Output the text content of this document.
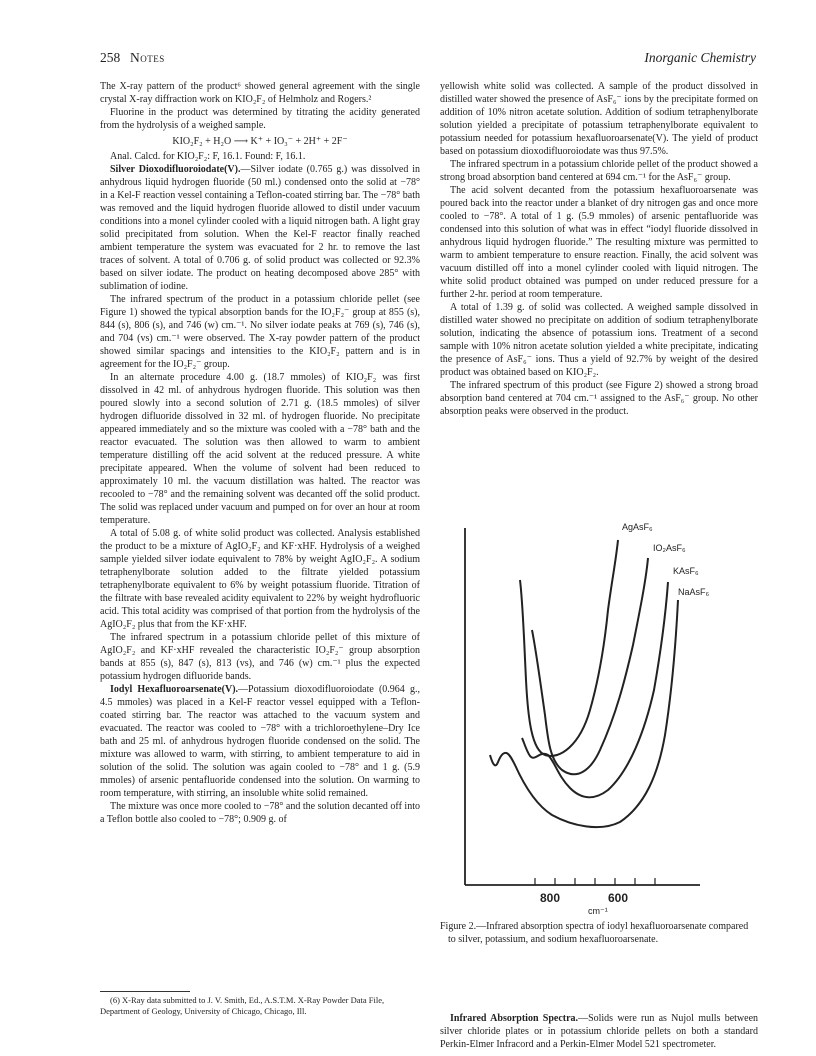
258 Notes	Inorganic Chemistry

The X-ray pattern of the product⁶ showed general agreement with the single crystal X-ray diffraction work on KIO₂F₂ of Helmholz and Rogers.²

Fluorine in the product was determined by titrating the acidity generated from the hydrolysis of a weighed sample.

KIO₂F₂ + H₂O ⟶ K⁺ + IO₃⁻ + 2H⁺ + 2F⁻

Anal. Calcd. for KIO₂F₂: F, 16.1. Found: F, 16.1.

Silver Dioxodifluoroiodate(V).—Silver iodate (0.765 g.) was dissolved in anhydrous liquid hydrogen fluoride (50 ml.) condensed onto the solid at −78° in a Kel-F reaction vessel containing a Teflon-coated stirring bar. The −78° bath was removed and the liquid hydrogen fluoride allowed to distil under vacuum conditions into a monel cylinder cooled with a liquid nitrogen bath. A light gray solid precipitated from solution. When the Kel-F reactor finally reached ambient temperature the system was evacuated for 2 hr. to remove the last traces of solvent. A total of 0.706 g. of solid product was collected or 92.3% based on silver iodate. The product on heating decomposed above 285° with sublimation of iodine.

The infrared spectrum of the product in a potassium chloride pellet (see Figure 1) showed the typical absorption bands for the IO₂F₂⁻ group at 855 (s), 844 (s), 806 (s), and 746 (w) cm.⁻¹. No silver iodate peaks at 769 (s), 746 (s), and 704 (vs) cm.⁻¹ were observed. The X-ray powder pattern of the product showed similar spacings and intensities to the KIO₂F₂ pattern and is in agreement for the IO₂F₂⁻ group.

In an alternate procedure 4.00 g. (18.7 mmoles) of KIO₂F₂ was first dissolved in 42 ml. of anhydrous hydrogen fluoride. This solution was then poured slowly into a second solution of 2.71 g. (18.5 mmoles) of silver hydrogen difluoride dissolved in 32 ml. of hydrogen fluoride. No precipitate appeared immediately and so the mixture was cooled with a −78° bath and the reactor evacuated. The solution was then allowed to warm to ambient temperature distilling off the acid solvent at the reduced pressure. A white precipitate appeared. When the volume of solvent had been reduced to approximately 10 ml. the vacuum distillation was halted. The reactor was recooled to −78° and the remaining solvent was decanted off the solid product. The solid was replaced under vacuum and pumped on for over an hour at room temperature.

A total of 5.08 g. of white solid product was collected. Analysis established the product to be a mixture of AgIO₂F₂ and KF·xHF. Hydrolysis of a weighed sample yielded silver iodate equivalent to 78% by weight AgIO₂F₂. A sodium tetraphenylborate solution added to the filtrate yielded potassium tetraphenylborate equivalent to 6% by weight potassium fluoride. Titration of the filtrate with base revealed acidity equivalent to 22% by weight hydrofluoric acid. This total acidity was comprised of that portion from the hydrolysis of the AgIO₂F₂ plus that from the KF·xHF.

The infrared spectrum in a potassium chloride pellet of this mixture of AgIO₂F₂ and KF·xHF revealed the characteristic IO₂F₂⁻ group absorption bands at 855 (s), 847 (s), 813 (vs), and 746 (w) cm.⁻¹ plus the expected potassium hydrogen difluoride bands.

Iodyl Hexafluoroarsenate(V).—Potassium dioxodifluoroiodate (0.964 g., 4.5 mmoles) was placed in a Kel-F reactor vessel equipped with a Teflon-coated stirring bar. The reactor was attached to the vacuum system and evacuated. The reactor was cooled to −78° with a trichloroethylene–Dry Ice bath and 25 ml. of anhydrous hydrogen fluoride condensed on the solid. The mixture was allowed to warm, with stirring, to ambient temperature to aid in solution of the solid. The solution was again cooled to −78° and 1 g. (5.9 mmoles) of arsenic pentafluoride condensed into the solution. On warming to room temperature, with stirring, an insoluble white solid remained.

The mixture was once more cooled to −78° and the solution decanted off into a Teflon bottle also cooled to −78°; 0.909 g. of

(6) X-Ray data submitted to J. V. Smith, Ed., A.S.T.M. X-Ray Powder Data File, Department of Geology, University of Chicago, Chicago, Ill.

yellowish white solid was collected. A sample of the product dissolved in distilled water showed the presence of AsF₆⁻ ions by the precipitate formed on addition of 10% nitron acetate solution. Addition of sodium tetraphenylborate solution yielded a precipitate of potassium tetraphenylborate equivalent to potassium needed for potassium hexafluoroarsenate(V). The yield of product based on potassium dioxodifluoroiodate was thus 97.5%.

The infrared spectrum in a potassium chloride pellet of the product showed a strong broad absorption band centered at 694 cm.⁻¹ for the AsF₆⁻ group.

The acid solvent decanted from the potassium hexafluoroarsenate was poured back into the reactor under a blanket of dry nitrogen gas and once more cooled to −78°. A total of 1 g. (5.9 mmoles) of arsenic pentafluoride was condensed into this solution of what was in effect “iodyl fluoride dissolved in anhydrous liquid hydrogen fluoride.” The resulting mixture was permitted to warm to ambient temperature to ensure reaction. Finally, the acid solvent was vacuum distilled off into a monel cylinder cooled with liquid nitrogen. The white solid product obtained was pumped on under reduced pressure for a further 2-hr. period at room temperature.

A total of 1.39 g. of solid was collected. A weighed sample dissolved in distilled water showed no precipitate on addition of sodium tetraphenylborate solution, indicating the absence of potassium ions. Treatment of a second sample with 10% nitron acetate solution yielded a white precipitate, indicating the presence of AsF₆⁻ ions. Thus a yield of 92.7% by weight of the desired product was obtained based on KIO₂F₂.

The infrared spectrum of this product (see Figure 2) showed a strong broad absorption band centered at 704 cm.⁻¹ assigned to the AsF₆⁻ group. No other absorption peaks were observed in the product.

AgAsF₆
IO₂AsF₆
KAsF₆
NaAsF₆
800	600
cm⁻¹

Figure 2.—Infrared absorption spectra of iodyl hexafluoroarsenate compared to silver, potassium, and sodium hexafluoroarsenate.

Infrared Absorption Spectra.—Solids were run as Nujol mulls between silver chloride plates or in potassium chloride pellets on both a standard Perkin-Elmer Infracord and a Perkin-Elmer Model 521 spectrometer.
